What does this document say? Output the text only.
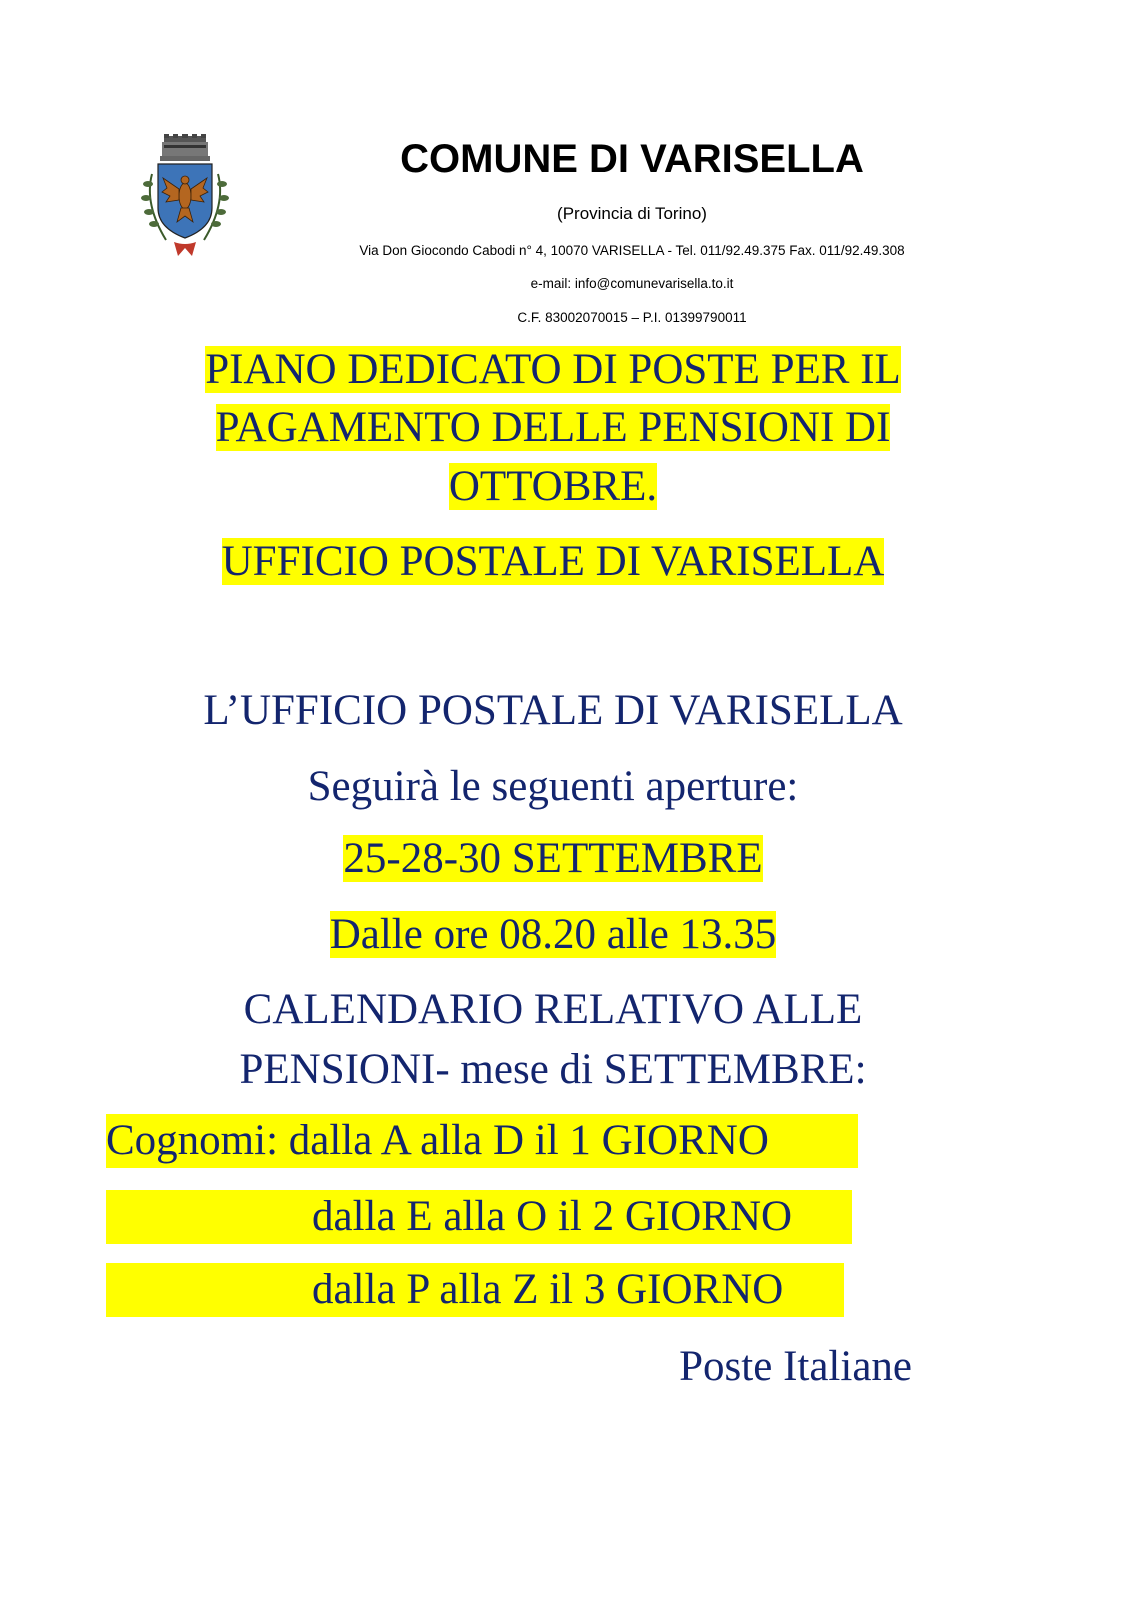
COMUNE DI VARISELLA
(Provincia di Torino)
Via Don Giocondo Cabodi n° 4, 10070 VARISELLA - Tel. 011/92.49.375 Fax. 011/92.49.308
e-mail: info@comunevarisella.to.it
C.F. 83002070015 – P.I. 01399790011
PIANO DEDICATO DI POSTE PER IL
PAGAMENTO DELLE PENSIONI DI
OTTOBRE.
UFFICIO POSTALE DI VARISELLA
L’UFFICIO POSTALE DI VARISELLA
Seguirà le seguenti aperture:
25-28-30 SETTEMBRE
Dalle ore 08.20 alle 13.35
CALENDARIO RELATIVO ALLE
PENSIONI- mese di SETTEMBRE:
Cognomi: dalla A alla D il 1 GIORNO
dalla E alla O il 2 GIORNO
dalla P alla Z il 3 GIORNO
Poste Italiane
